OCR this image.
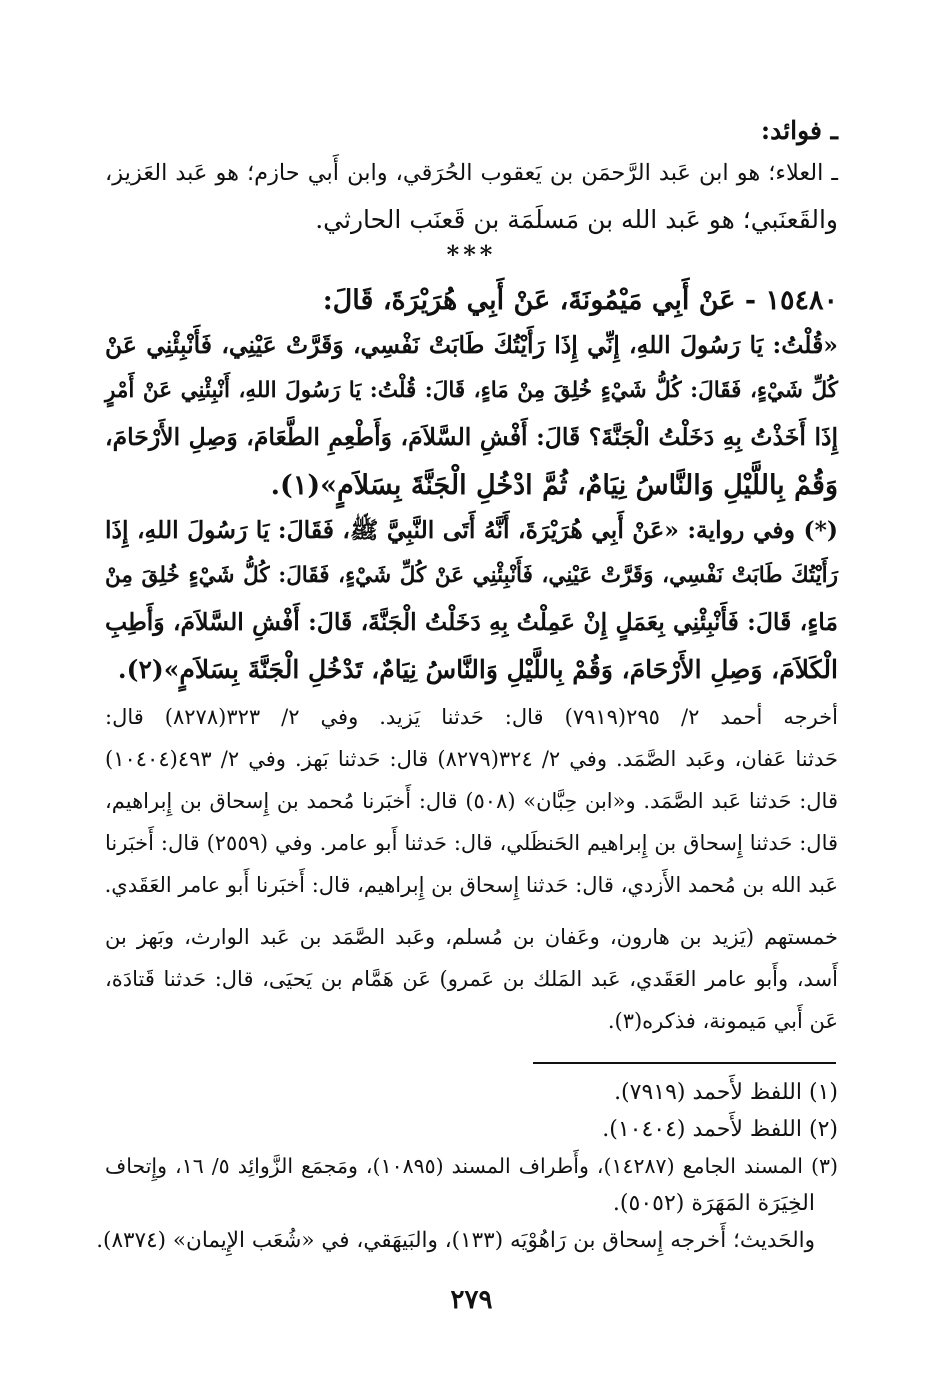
ـ فوائد:
ـ العلاء؛ هو ابن عَبد الرَّحمَن بن يَعقوب الحُرَقي، وابن أَبي حازم؛ هو عَبد العَزيز،
والقَعنَبي؛ هو عَبد الله بن مَسلَمَة بن قَعنَب الحارثي.
***
١٥٤٨٠ - عَنْ أَبِي مَيْمُونَةَ، عَنْ أَبِي هُرَيْرَةَ، قَالَ:
«قُلْتُ: يَا رَسُولَ اللهِ، إِنِّي إِذَا رَأَيْتُكَ طَابَتْ نَفْسِي، وَقَرَّتْ عَيْنِي، فَأَنْبِئْنِي عَنْ
كُلِّ شَيْءٍ، فَقَالَ: كُلُّ شَيْءٍ خُلِقَ مِنْ مَاءٍ، قَالَ: قُلْتُ: يَا رَسُولَ اللهِ، أَنْبِئْنِي عَنْ أَمْرٍ
إِذَا أَخَذْتُ بِهِ دَخَلْتُ الْجَنَّةَ؟ قَالَ: أَفْشِ السَّلاَمَ، وَأَطْعِمِ الطَّعَامَ، وَصِلِ الأَرْحَامَ،
وَقُمْ بِاللَّيْلِ وَالنَّاسُ نِيَامٌ، ثُمَّ ادْخُلِ الْجَنَّةَ بِسَلاَمٍ»(١).
(*) وفي رواية: «عَنْ أَبِي هُرَيْرَةَ، أَنَّهُ أَتَى النَّبِيَّ ﷺ، فَقَالَ: يَا رَسُولَ اللهِ، إِذَا
رَأَيْتُكَ طَابَتْ نَفْسِي، وَقَرَّتْ عَيْنِي، فَأَنْبِئْنِي عَنْ كُلِّ شَيْءٍ، فَقَالَ: كُلُّ شَيْءٍ خُلِقَ مِنْ
مَاءٍ، قَالَ: فَأَنْبِئْنِي بِعَمَلٍ إِنْ عَمِلْتُ بِهِ دَخَلْتُ الْجَنَّةَ، قَالَ: أَفْشِ السَّلاَمَ، وَأَطِبِ
الْكَلاَمَ، وَصِلِ الأَرْحَامَ، وَقُمْ بِاللَّيْلِ وَالنَّاسُ نِيَامٌ، تَدْخُلِ الْجَنَّةَ بِسَلاَمٍ»(٢).
أخرجه أحمد ٢/ ٢٩٥(٧٩١٩) قال: حَدثنا يَزيد. وفي ٢/ ٣٢٣(٨٢٧٨) قال:
حَدثنا عَفان، وعَبد الصَّمَد. وفي ٢/ ٣٢٤(٨٢٧٩) قال: حَدثنا بَهز. وفي ٢/ ٤٩٣(١٠٤٠٤)
قال: حَدثنا عَبد الصَّمَد. و«ابن حِبَّان» (٥٠٨) قال: أَخبَرنا مُحمد بن إِسحاق بن إِبراهيم،
قال: حَدثنا إِسحاق بن إِبراهيم الحَنظَلي، قال: حَدثنا أَبو عامر. وفي (٢٥٥٩) قال: أَخبَرنا
عَبد الله بن مُحمد الأَزدي، قال: حَدثنا إِسحاق بن إِبراهيم، قال: أَخبَرنا أَبو عامر العَقَدي.
خمستهم (يَزيد بن هارون، وعَفان بن مُسلم، وعَبد الصَّمَد بن عَبد الوارث، وبَهز بن
أَسد، وأَبو عامر العَقَدي، عَبد المَلك بن عَمرو) عَن هَمَّام بن يَحيَى، قال: حَدثنا قَتادَة،
عَن أَبي مَيمونة، فذكره(٣).
(١) اللفظ لأَحمد (٧٩١٩).
(٢) اللفظ لأَحمد (١٠٤٠٤).
(٣) المسند الجامع (١٤٢٨٧)، وأَطراف المسند (١٠٨٩٥)، ومَجمَع الزَّوائِد ٥/ ١٦، وإِتحاف
الخِيَرَة المَهَرَة (٥٠٥٢).
والحَديث؛ أَخرجه إِسحاق بن رَاهُوْيَه (١٣٣)، والبَيهَقي، في «شُعَب الإِيمان» (٨٣٧٤).
٢٧٩
